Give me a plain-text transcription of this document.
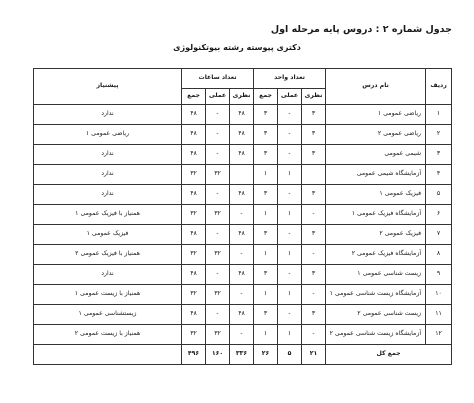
جدول شماره ۲ : دروس پایه مرحله اول
دکتری پیوسته رشته بیوتکنولوژی
ردیف	نام درس	تعداد واحد			تعداد ساعات			پیشنیاز
		نظری	عملی	جمع	نظری	عملی	جمع	
۱	ریاضی عمومی ۱	۳	-	۳	۴۸	-	۴۸	ندارد
۲	ریاضی عمومی ۲	۳	-	۳	۴۸	-	۴۸	ریاضی عمومی ۱
۳	شیمی عمومی	۳	-	۳	۴۸	-	۴۸	ندارد
۴	آزمایشگاه شیمی عمومی		۱	۱		۳۲	۳۲	ندارد
۵	فیزیک عمومی ۱	۳	-	۳	۴۸	-	۴۸	ندارد
۶	آزمایشگاه فیزیک عمومی ۱	-	۱	۱	-	۳۲	۳۲	همنیاز با فیزیک عمومی ۱
۷	فیزیک عمومی ۲	۳	-	۳	۴۸	-	۴۸	فیزیک عمومی ۱
۸	آزمایشگاه فیزیک عمومی ۲	-	۱	۱	-	۳۲	۳۲	همنیاز با فیزیک عمومی ۲
۹	زیست شناسی عمومی ۱	۳	-	۳	۴۸	-	۴۸	ندارد
۱۰	آزمایشگاه زیست شناسی عمومی ۱	-	۱	۱	-	۳۲	۳۲	همنیاز با زیست عمومی ۱
۱۱	زیست شناسی عمومی ۲	۳	-	۳	۴۸	-	۴۸	زیستشناسی عمومی ۱
۱۲	آزمایشگاه زیست شناسی عمومی ۲	-	۱	۱	-	۳۲	۳۲	همنیاز با زیست عمومی ۲
جمع کل		۲۱	۵	۲۶	۳۳۶	۱۶۰	۴۹۶	
